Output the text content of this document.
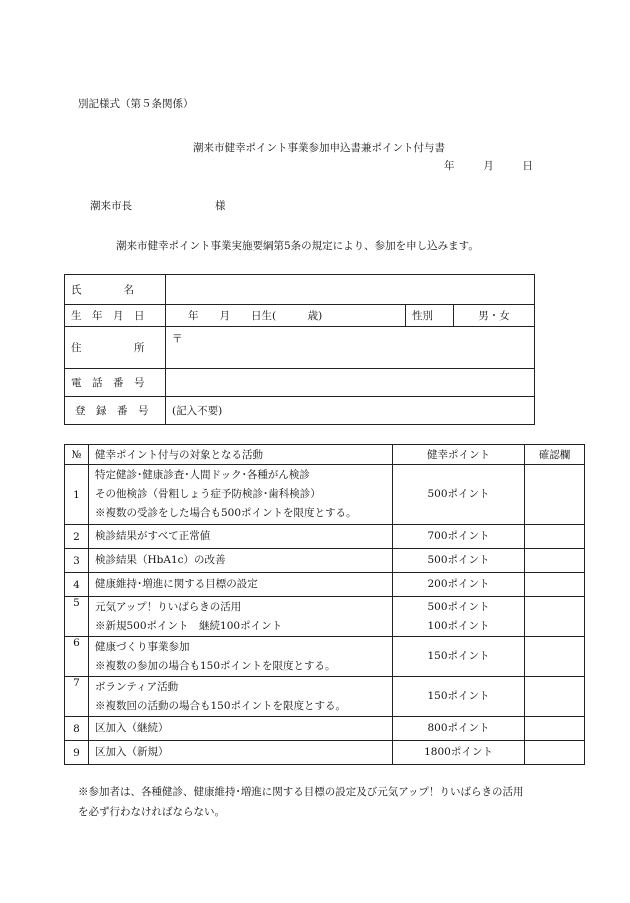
別記様式（第５条関係）
潮来市健幸ポイント事業参加申込書兼ポイント付与書
年	月	日
潮来市長	様
潮来市健幸ポイント事業実施要綱第5条の規定により、参加を申し込みます。
氏　　　　名			
生　年　月　日	年　　月　　日生(　　　歳)	性別	男・女
住　　　　　所	〒		
電　話　番　号			
登　録　番　号	(記入不要)		
№	健幸ポイント付与の対象となる活動	健幸ポイント	確認欄
1	特定健診･健康診査･人間ドック･各種がん検診
その他検診（骨粗しょう症予防検診･歯科検診）
※複数の受診をした場合も500ポイントを限度とする。	500ポイント	

2	検診結果がすべて正常値	700ポイント	

3	検診結果（HbA1c）の改善	500ポイント	

4	健康維持･増進に関する目標の設定	200ポイント	

5	元気アップ！りいばらきの活用
※新規500ポイント　継続100ポイント	500ポイント
100ポイント	

6	健康づくり事業参加
※複数の参加の場合も150ポイントを限度とする。	150ポイント	

7	ボランティア活動
※複数回の活動の場合も150ポイントを限度とする。	150ポイント	

8	区加入（継続）	800ポイント	

9	区加入（新規）	1800ポイント	

※参加者は、各種健診、健康維持･増進に関する目標の設定及び元気アップ！りいばらきの活用
を必ず行わなければならない。
